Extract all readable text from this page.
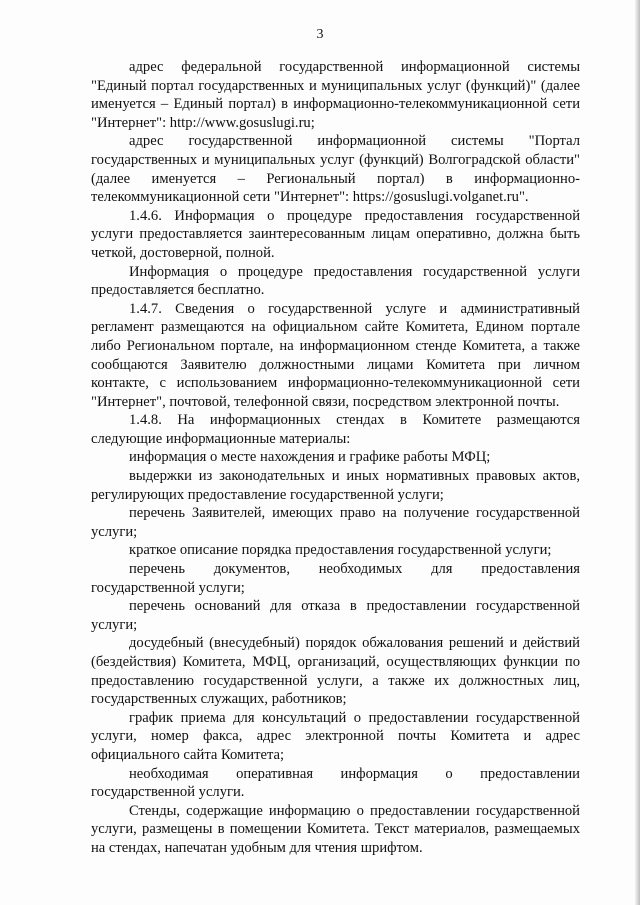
3

адрес федеральной государственной информационной системы "Единый портал государственных и муниципальных услуг (функций)" (далее именуется – Единый портал) в информационно-телекоммуникационной сети "Интернет": http://www.gosuslugi.ru;

адрес государственной информационной системы "Портал государственных и муниципальных услуг (функций) Волгоградской области" (далее именуется – Региональный портал) в информационно-телекоммуникационной сети "Интернет": https://gosuslugi.volganet.ru".

1.4.6. Информация о процедуре предоставления государственной услуги предоставляется заинтересованным лицам оперативно, должна быть четкой, достоверной, полной.

Информация о процедуре предоставления государственной услуги предоставляется бесплатно.

1.4.7. Сведения о государственной услуге и административный регламент размещаются на официальном сайте Комитета, Едином портале либо Региональном портале, на информационном стенде Комитета, а также сообщаются Заявителю должностными лицами Комитета при личном контакте, с использованием информационно-телекоммуникационной сети "Интернет", почтовой, телефонной связи, посредством электронной почты.

1.4.8. На информационных стендах в Комитете размещаются следующие информационные материалы:

информация о месте нахождения и графике работы МФЦ;

выдержки из законодательных и иных нормативных правовых актов, регулирующих предоставление государственной услуги;

перечень Заявителей, имеющих право на получение государственной услуги;

краткое описание порядка предоставления государственной услуги;

перечень документов, необходимых для предоставления государственной услуги;

перечень оснований для отказа в предоставлении государственной услуги;

досудебный (внесудебный) порядок обжалования решений и действий (бездействия) Комитета, МФЦ, организаций, осуществляющих функции по предоставлению государственной услуги, а также их должностных лиц, государственных служащих, работников;

график приема для консультаций о предоставлении государственной услуги, номер факса, адрес электронной почты Комитета и адрес официального сайта Комитета;

необходимая оперативная информация о предоставлении государственной услуги.

Стенды, содержащие информацию о предоставлении государственной услуги, размещены в помещении Комитета. Текст материалов, размещаемых на стендах, напечатан удобным для чтения шрифтом.
